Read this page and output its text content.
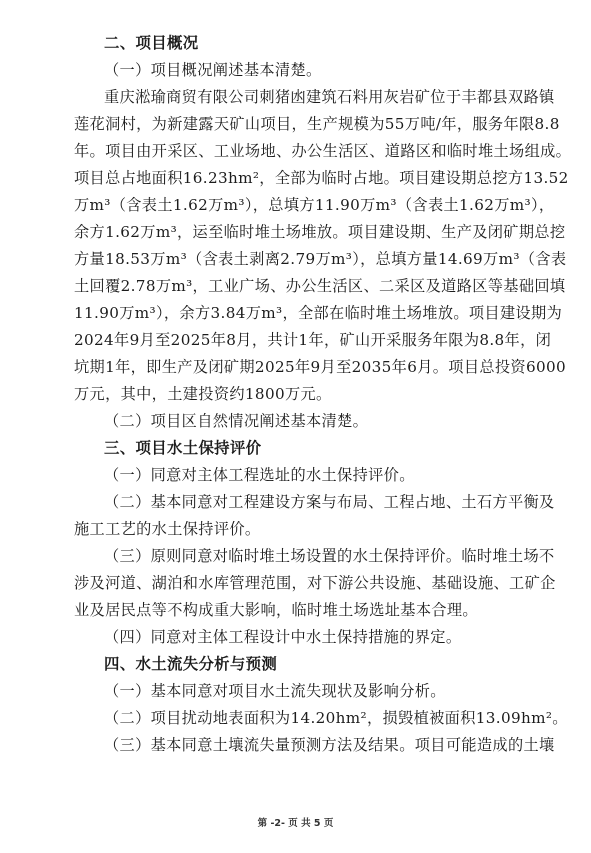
二、项目概况
（一）项目概况阐述基本清楚。
重庆淞瑜商贸有限公司刺猪凼建筑石料用灰岩矿位于丰都县双路镇
莲花洞村，为新建露天矿山项目，生产规模为55万吨/年，服务年限8.8
年。项目由开采区、工业场地、办公生活区、道路区和临时堆土场组成。
项目总占地面积16.23hm²，全部为临时占地。项目建设期总挖方13.52
万m³（含表土1.62万m³），总填方11.90万m³（含表土1.62万m³），
余方1.62万m³，运至临时堆土场堆放。项目建设期、生产及闭矿期总挖
方量18.53万m³（含表土剥离2.79万m³），总填方量14.69万m³（含表
土回覆2.78万m³，工业广场、办公生活区、二采区及道路区等基础回填
11.90万m³），余方3.84万m³，全部在临时堆土场堆放。项目建设期为
2024年9月至2025年8月，共计1年，矿山开采服务年限为8.8年，闭
坑期1年，即生产及闭矿期2025年9月至2035年6月。项目总投资6000
万元，其中，土建投资约1800万元。
（二）项目区自然情况阐述基本清楚。
三、项目水土保持评价
（一）同意对主体工程选址的水土保持评价。
（二）基本同意对工程建设方案与布局、工程占地、土石方平衡及
施工工艺的水土保持评价。
（三）原则同意对临时堆土场设置的水土保持评价。临时堆土场不
涉及河道、湖泊和水库管理范围，对下游公共设施、基础设施、工矿企
业及居民点等不构成重大影响，临时堆土场选址基本合理。
（四）同意对主体工程设计中水土保持措施的界定。
四、水土流失分析与预测
（一）基本同意对项目水土流失现状及影响分析。
（二）项目扰动地表面积为14.20hm²，损毁植被面积13.09hm²。
（三）基本同意土壤流失量预测方法及结果。项目可能造成的土壤
第 -2- 页 共 5 页
